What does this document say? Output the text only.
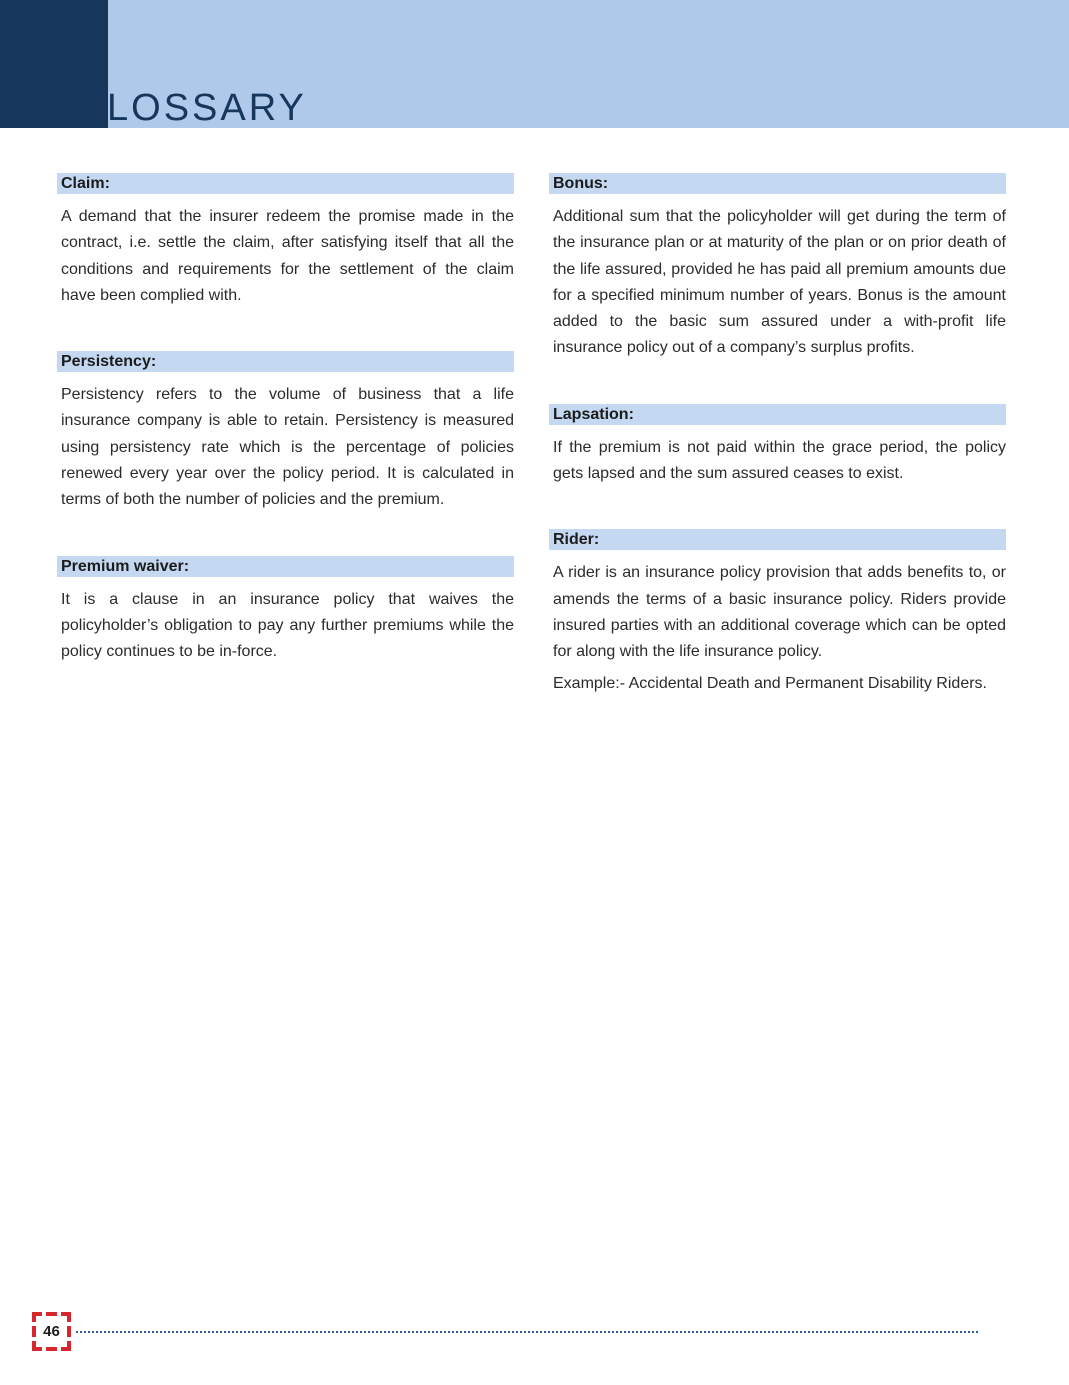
GLOSSARY
Claim:

A demand that the insurer redeem the promise made in the contract, i.e. settle the claim, after satisfying itself that all the conditions and requirements for the settlement of the claim have been complied with.

Persistency:

Persistency refers to the volume of business that a life insurance company is able to retain. Persistency is measured using persistency rate which is the percentage of policies renewed every year over the policy period. It is calculated in terms of both the number of policies and the premium.

Premium waiver:

It is a clause in an insurance policy that waives the policyholder’s obligation to pay any further premiums while the policy continues to be in-force.

Bonus:

Additional sum that the policyholder will get during the term of the insurance plan or at maturity of the plan or on prior death of the life assured, provided he has paid all premium amounts due for a specified minimum number of years. Bonus is the amount added to the basic sum assured under a with-profit life insurance policy out of a company’s surplus profits.

Lapsation:

If the premium is not paid within the grace period, the policy gets lapsed and the sum assured ceases to exist.

Rider:

A rider is an insurance policy provision that adds benefits to, or amends the terms of a basic insurance policy. Riders provide insured parties with an additional coverage which can be opted for along with the life insurance policy.

Example:- Accidental Death and Permanent Disability Riders.

46
